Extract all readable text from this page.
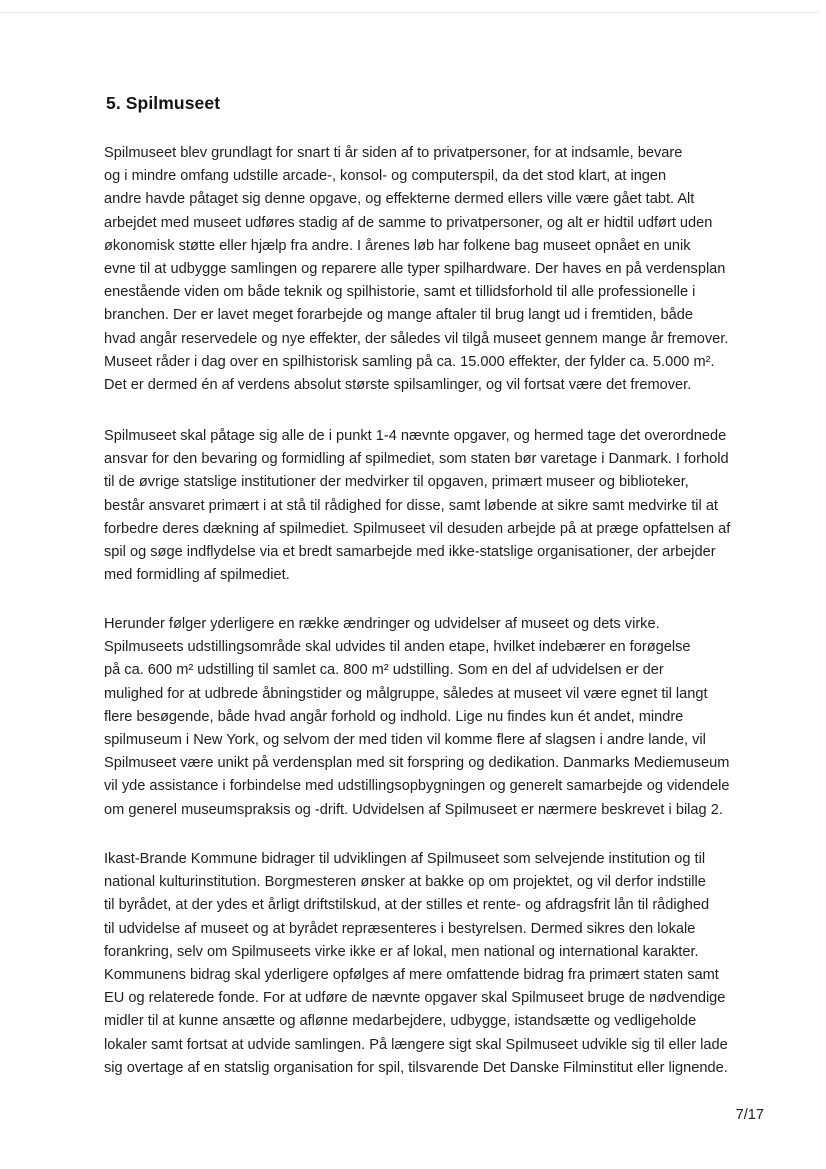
5. Spilmuseet

Spilmuseet blev grundlagt for snart ti år siden af to privatpersoner, for at indsamle, bevare
og i mindre omfang udstille arcade-, konsol- og computerspil, da det stod klart, at ingen
andre havde påtaget sig denne opgave, og effekterne dermed ellers ville være gået tabt. Alt
arbejdet med museet udføres stadig af de samme to privatpersoner, og alt er hidtil udført uden
økonomisk støtte eller hjælp fra andre. I årenes løb har folkene bag museet opnået en unik
evne til at udbygge samlingen og reparere alle typer spilhardware. Der haves en på verdensplan
enestående viden om både teknik og spilhistorie, samt et tillidsforhold til alle professionelle i
branchen. Der er lavet meget forarbejde og mange aftaler til brug langt ud i fremtiden, både
hvad angår reservedele og nye effekter, der således vil tilgå museet gennem mange år fremover.
Museet råder i dag over en spilhistorisk samling på ca. 15.000 effekter, der fylder ca. 5.000 m².
Det er dermed én af verdens absolut største spilsamlinger, og vil fortsat være det fremover.

Spilmuseet skal påtage sig alle de i punkt 1-4 nævnte opgaver, og hermed tage det overordnede
ansvar for den bevaring og formidling af spilmediet, som staten bør varetage i Danmark. I forhold
til de øvrige statslige institutioner der medvirker til opgaven, primært museer og biblioteker,
består ansvaret primært i at stå til rådighed for disse, samt løbende at sikre samt medvirke til at
forbedre deres dækning af spilmediet. Spilmuseet vil desuden arbejde på at præge opfattelsen af
spil og søge indflydelse via et bredt samarbejde med ikke-statslige organisationer, der arbejder
med formidling af spilmediet.

Herunder følger yderligere en række ændringer og udvidelser af museet og dets virke.
Spilmuseets udstillingsområde skal udvides til anden etape, hvilket indebærer en forøgelse
på ca. 600 m² udstilling til samlet ca. 800 m² udstilling. Som en del af udvidelsen er der
mulighed for at udbrede åbningstider og målgruppe, således at museet vil være egnet til langt
flere besøgende, både hvad angår forhold og indhold. Lige nu findes kun ét andet, mindre
spilmuseum i New York, og selvom der med tiden vil komme flere af slagsen i andre lande, vil
Spilmuseet være unikt på verdensplan med sit forspring og dedikation. Danmarks Mediemuseum
vil yde assistance i forbindelse med udstillingsopbygningen og generelt samarbejde og videndele
om generel museumspraksis og -drift. Udvidelsen af Spilmuseet er nærmere beskrevet i bilag 2.

Ikast-Brande Kommune bidrager til udviklingen af Spilmuseet som selvejende institution og til
national kulturinstitution. Borgmesteren ønsker at bakke op om projektet, og vil derfor indstille
til byrådet, at der ydes et årligt driftstilskud, at der stilles et rente- og afdragsfrit lån til rådighed
til udvidelse af museet og at byrådet repræsenteres i bestyrelsen. Dermed sikres den lokale
forankring, selv om Spilmuseets virke ikke er af lokal, men national og international karakter.
Kommunens bidrag skal yderligere opfølges af mere omfattende bidrag fra primært staten samt
EU og relaterede fonde. For at udføre de nævnte opgaver skal Spilmuseet bruge de nødvendige
midler til at kunne ansætte og aflønne medarbejdere, udbygge, istandsætte og vedligeholde
lokaler samt fortsat at udvide samlingen. På længere sigt skal Spilmuseet udvikle sig til eller lade
sig overtage af en statslig organisation for spil, tilsvarende Det Danske Filminstitut eller lignende.

7/17
